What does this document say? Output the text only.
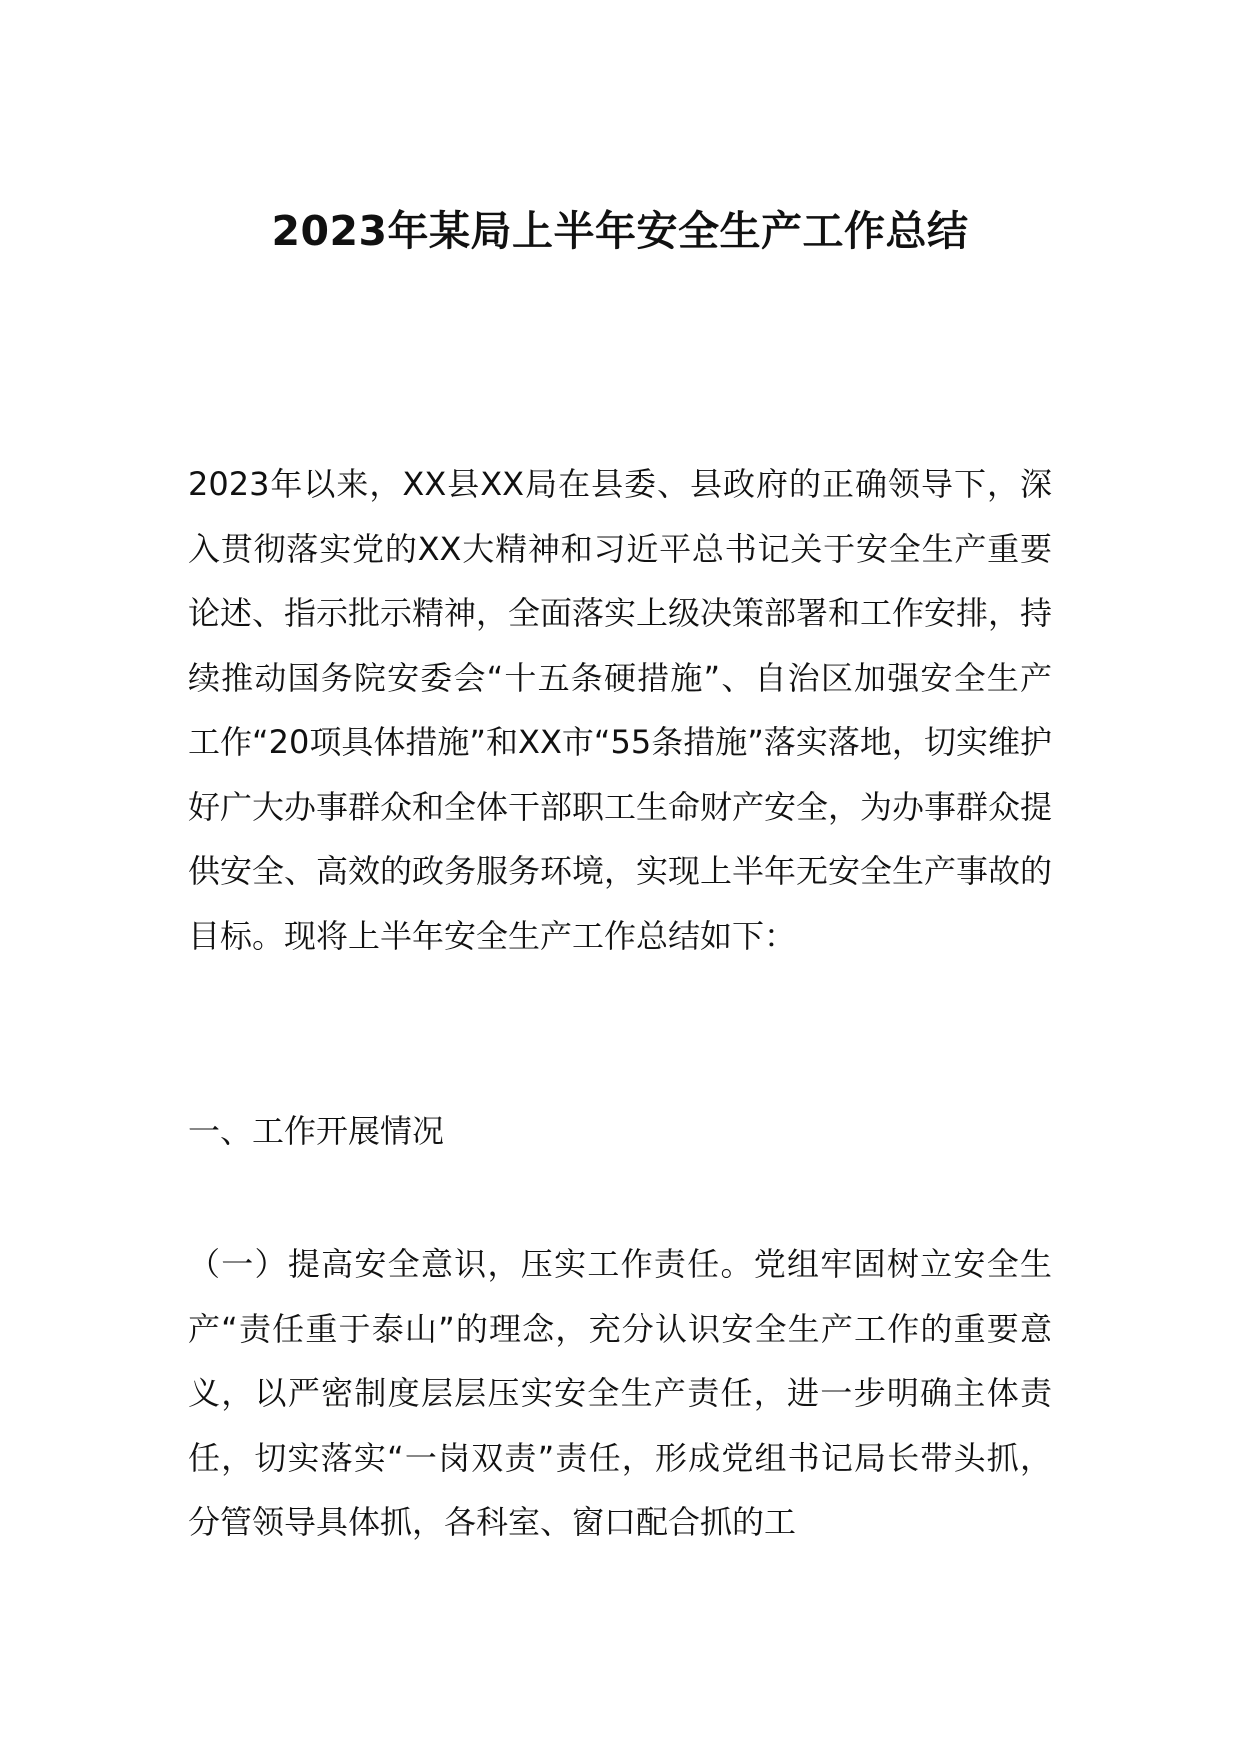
2023年某局上半年安全生产工作总结

2023年以来，XX县XX局在县委、县政府的正确领导下，深入贯彻落实党的XX大精神和习近平总书记关于安全生产重要论述、指示批示精神，全面落实上级决策部署和工作安排，持续推动国务院安委会“十五条硬措施”、自治区加强安全生产工作“20项具体措施”和XX市“55条措施”落实落地，切实维护好广大办事群众和全体干部职工生命财产安全，为办事群众提供安全、高效的政务服务环境，实现上半年无安全生产事故的目标。现将上半年安全生产工作总结如下：

一、工作开展情况

（一）提高安全意识，压实工作责任。党组牢固树立安全生产“责任重于泰山”的理念，充分认识安全生产工作的重要意义，以严密制度层层压实安全生产责任，进一步明确主体责任，切实落实“一岗双责”责任，形成党组书记局长带头抓，分管领导具体抓，各科室、窗口配合抓的工
